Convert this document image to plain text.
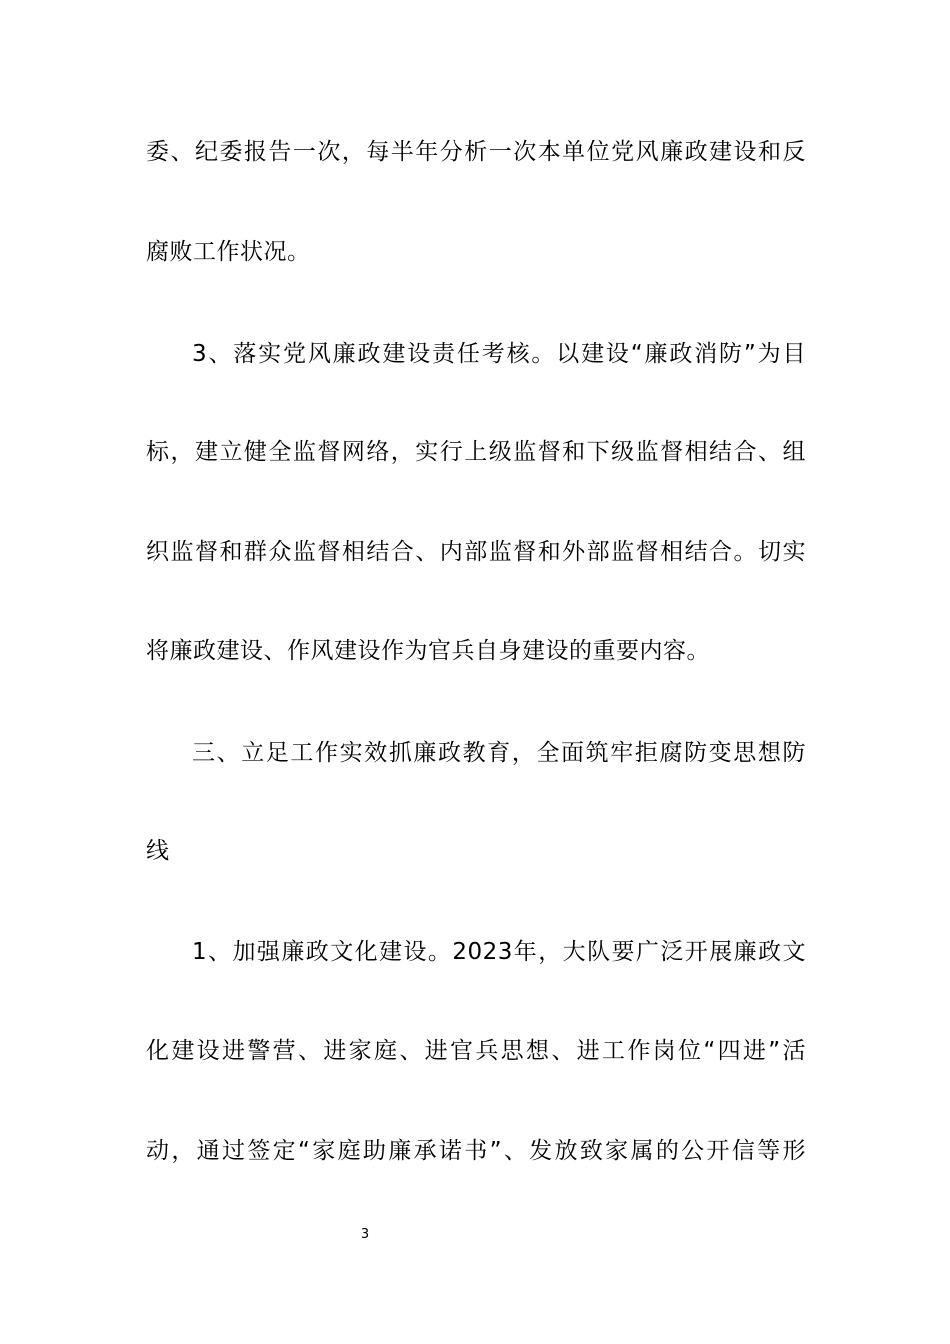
委、纪委报告一次，每半年分析一次本单位党风廉政建设和反
腐败工作状况。
3、落实党风廉政建设责任考核。以建设“廉政消防”为目
标，建立健全监督网络，实行上级监督和下级监督相结合、组
织监督和群众监督相结合、内部监督和外部监督相结合。切实
将廉政建设、作风建设作为官兵自身建设的重要内容。
三、立足工作实效抓廉政教育，全面筑牢拒腐防变思想防
线
1、加强廉政文化建设。2023年，大队要广泛开展廉政文
化建设进警营、进家庭、进官兵思想、进工作岗位“四进”活
动，通过签定“家庭助廉承诺书”、发放致家属的公开信等形
3
